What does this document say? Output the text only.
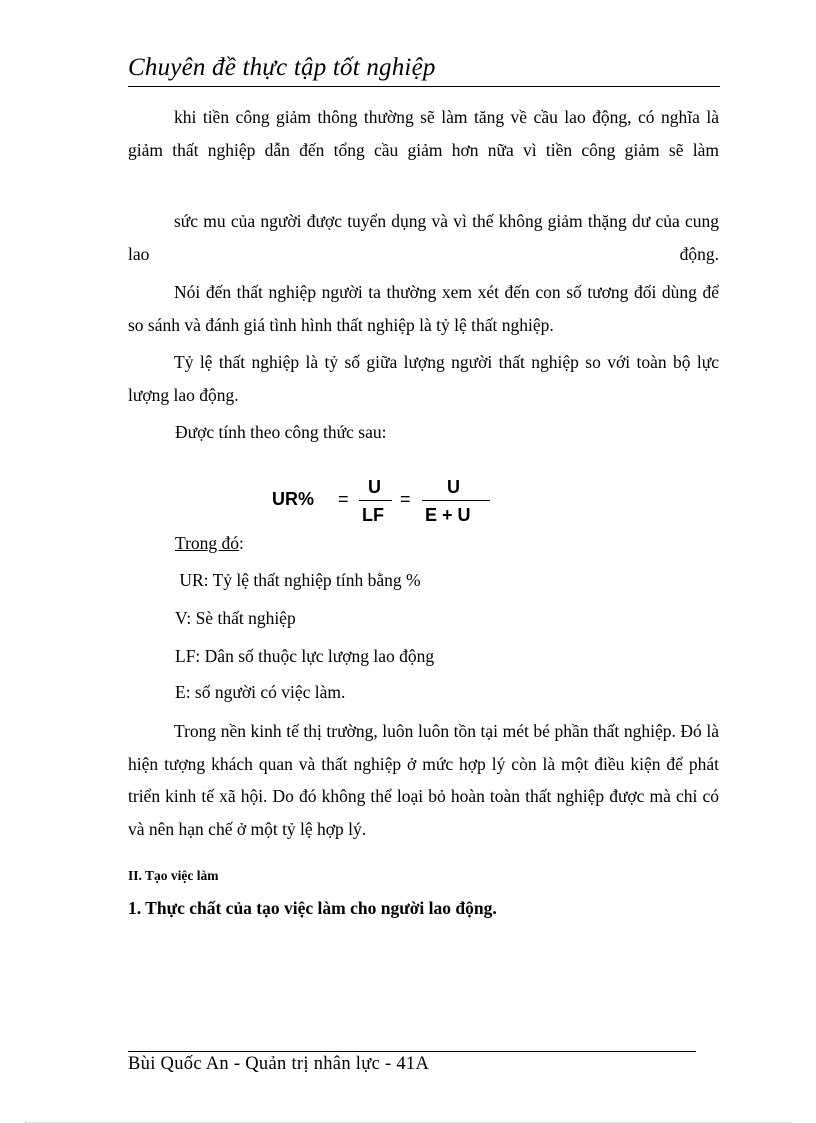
Chuyên đề thực tập tốt nghiệp
khi tiền công giảm thông thường sẽ làm tăng về cầu lao động, có nghĩa là giảm thất nghiệp dẫn đến tổng cầu giảm hơn nữa vì tiền công giảm sẽ làm
sức mu của người được tuyển dụng và vì thế không giảm thặng dư của cung lao động.
Nói đến thất nghiệp người ta thường xem xét đến con số tương đối dùng để so sánh và đánh giá tình hình thất nghiệp là tỷ lệ thất nghiệp.
Tỷ lệ thất nghiệp là tỷ số giữa lượng người thất nghiệp so với toàn bộ lực lượng lao động.
Được tính theo công thức sau:
UR% =
U
LF
=
U
E + U
Trong đó:
UR: Tỷ lệ thất nghiệp tính bằng %
V: Sè thất nghiệp
LF: Dân số thuộc lực lượng lao động
E: số người có việc làm.
Trong nền kinh tế thị trường, luôn luôn tồn tại mét bé phần thất nghiệp. Đó là hiện tượng khách quan và thất nghiệp ở mức hợp lý còn là một điều kiện để phát triển kinh tế xã hội. Do đó không thể loại bỏ hoàn toàn thất nghiệp được mà chỉ có và nên hạn chế ở một tỷ lệ hợp lý.
II. Tạo việc làm
1. Thực chất của tạo việc làm cho người lao động.
Bùi Quốc An - Quản trị nhân lực - 41A
